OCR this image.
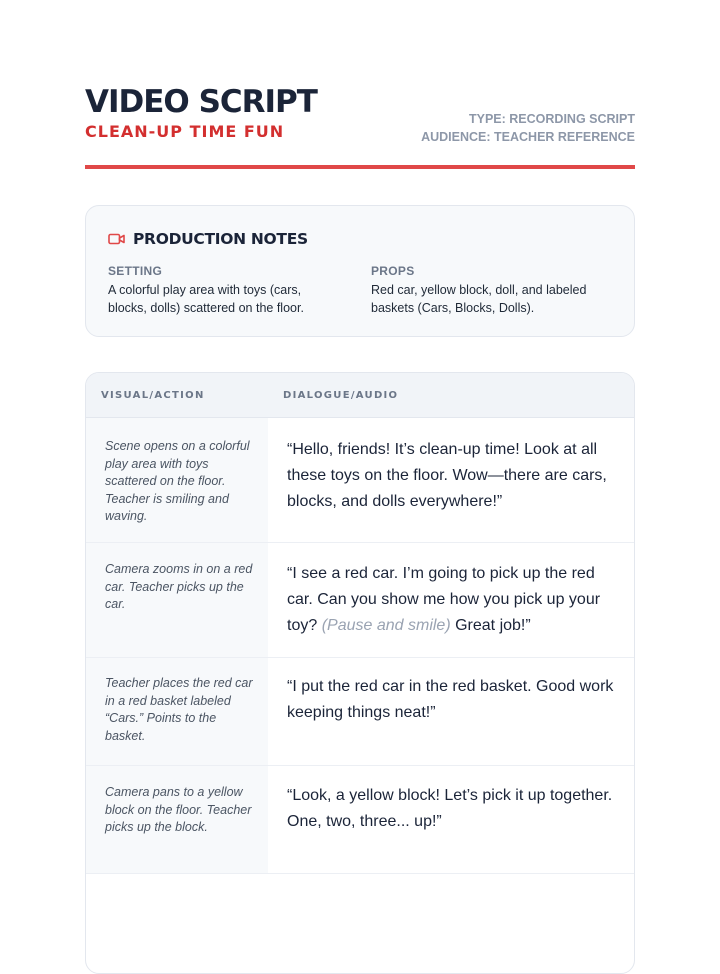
VIDEO SCRIPT
CLEAN-UP TIME FUN
TYPE: RECORDING SCRIPT
AUDIENCE: TEACHER REFERENCE
PRODUCTION NOTES
SETTING
A colorful play area with toys (cars, blocks, dolls) scattered on the floor.
PROPS
Red car, yellow block, doll, and labeled baskets (Cars, Blocks, Dolls).
VISUAL/ACTION	DIALOGUE/AUDIO
Scene opens on a colorful play area with toys scattered on the floor. Teacher is smiling and waving.
“Hello, friends! It’s clean-up time! Look at all these toys on the floor. Wow—there are cars, blocks, and dolls everywhere!”
Camera zooms in on a red car. Teacher picks up the car.
“I see a red car. I’m going to pick up the red car. Can you show me how you pick up your toy? (Pause and smile) Great job!”
Teacher places the red car in a red basket labeled “Cars.” Points to the basket.
“I put the red car in the red basket. Good work keeping things neat!”
Camera pans to a yellow block on the floor. Teacher picks up the block.
“Look, a yellow block! Let’s pick it up together. One, two, three... up!”
